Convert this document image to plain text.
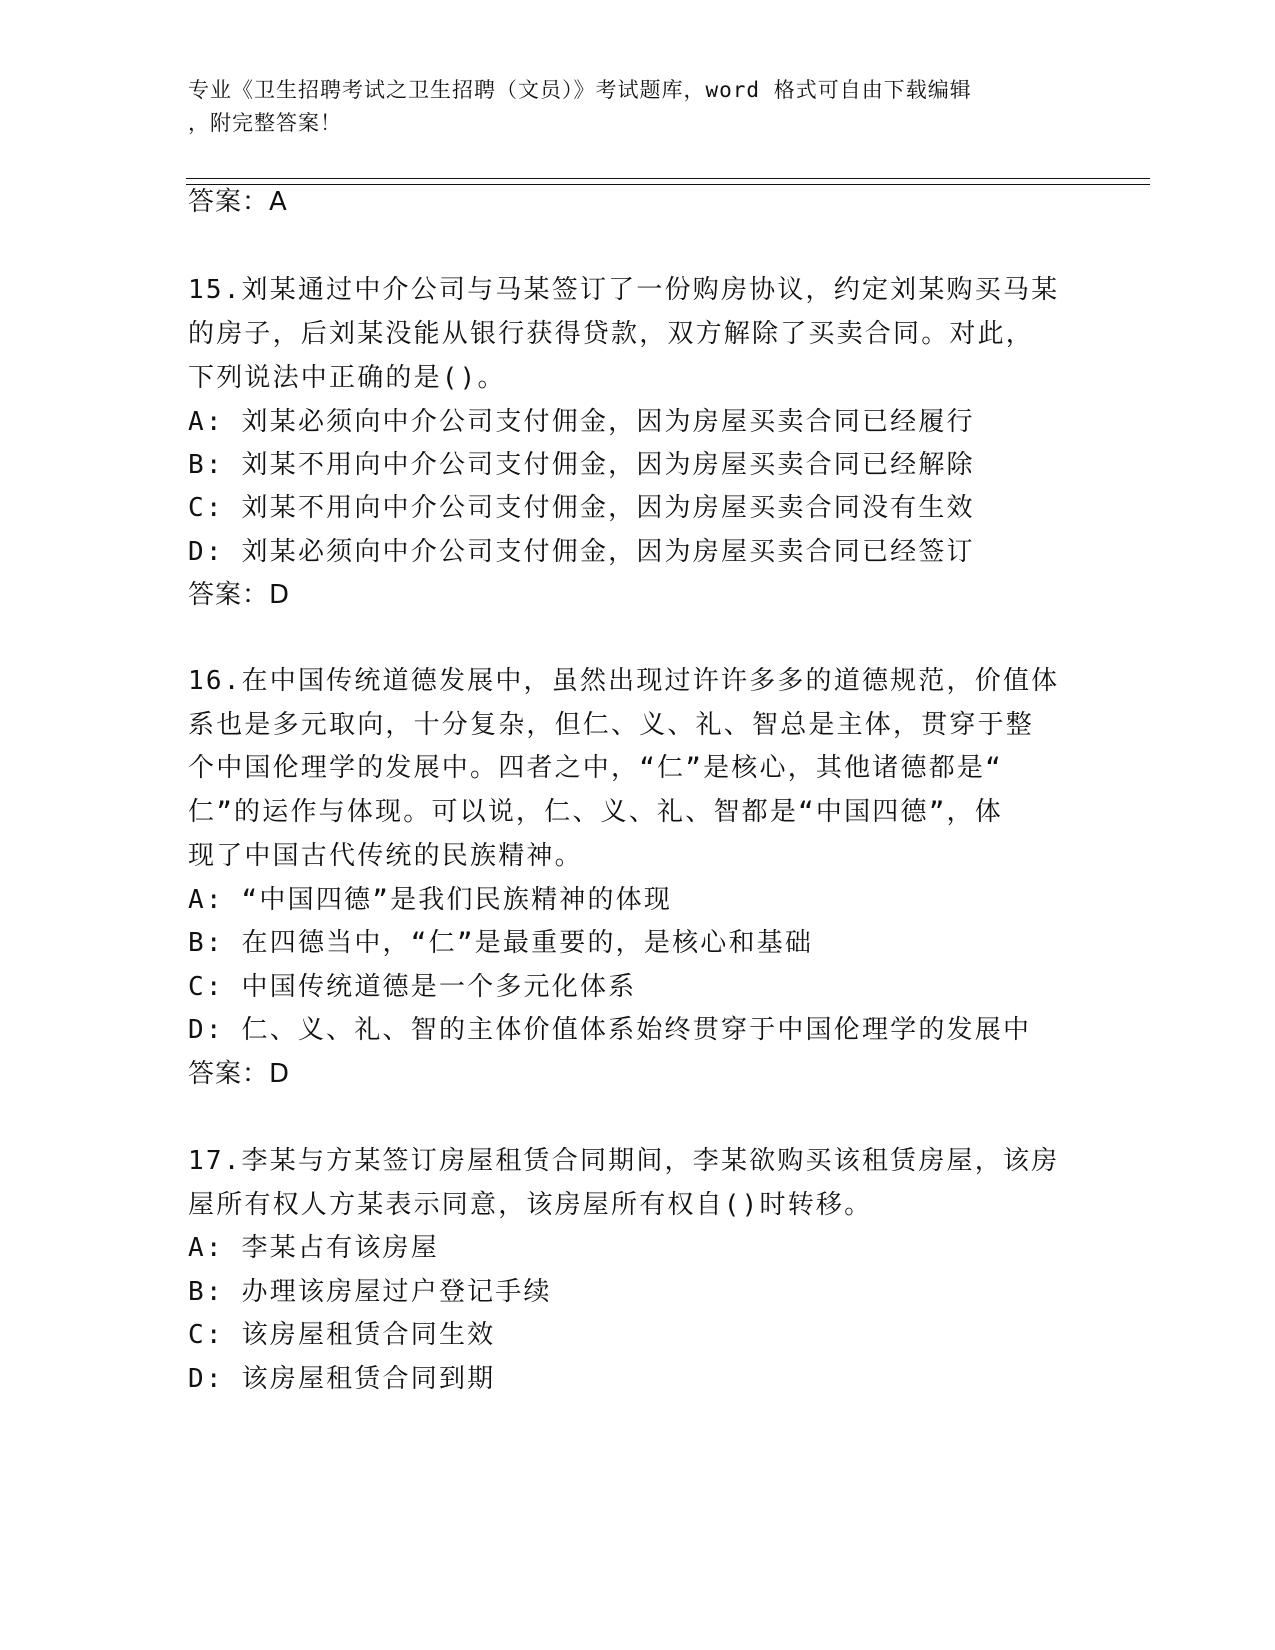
专业《卫生招聘考试之卫生招聘（文员）》考试题库，word 格式可自由下载编辑
，附完整答案！

答案：A
15.刘某通过中介公司与马某签订了一份购房协议，约定刘某购买马某
的房子，后刘某没能从银行获得贷款，双方解除了买卖合同。对此，
下列说法中正确的是()。
A: 刘某必须向中介公司支付佣金，因为房屋买卖合同已经履行
B: 刘某不用向中介公司支付佣金，因为房屋买卖合同已经解除
C: 刘某不用向中介公司支付佣金，因为房屋买卖合同没有生效
D: 刘某必须向中介公司支付佣金，因为房屋买卖合同已经签订
答案：D
16.在中国传统道德发展中，虽然出现过许许多多的道德规范，价值体
系也是多元取向，十分复杂，但仁、义、礼、智总是主体，贯穿于整
个中国伦理学的发展中。四者之中，“仁”是核心，其他诸德都是“
仁”的运作与体现。可以说，仁、义、礼、智都是“中国四德”，体
现了中国古代传统的民族精神。
A: “中国四德”是我们民族精神的体现
B: 在四德当中，“仁”是最重要的，是核心和基础
C: 中国传统道德是一个多元化体系
D: 仁、义、礼、智的主体价值体系始终贯穿于中国伦理学的发展中
答案：D
17.李某与方某签订房屋租赁合同期间，李某欲购买该租赁房屋，该房
屋所有权人方某表示同意，该房屋所有权自()时转移。
A: 李某占有该房屋
B: 办理该房屋过户登记手续
C: 该房屋租赁合同生效
D: 该房屋租赁合同到期
